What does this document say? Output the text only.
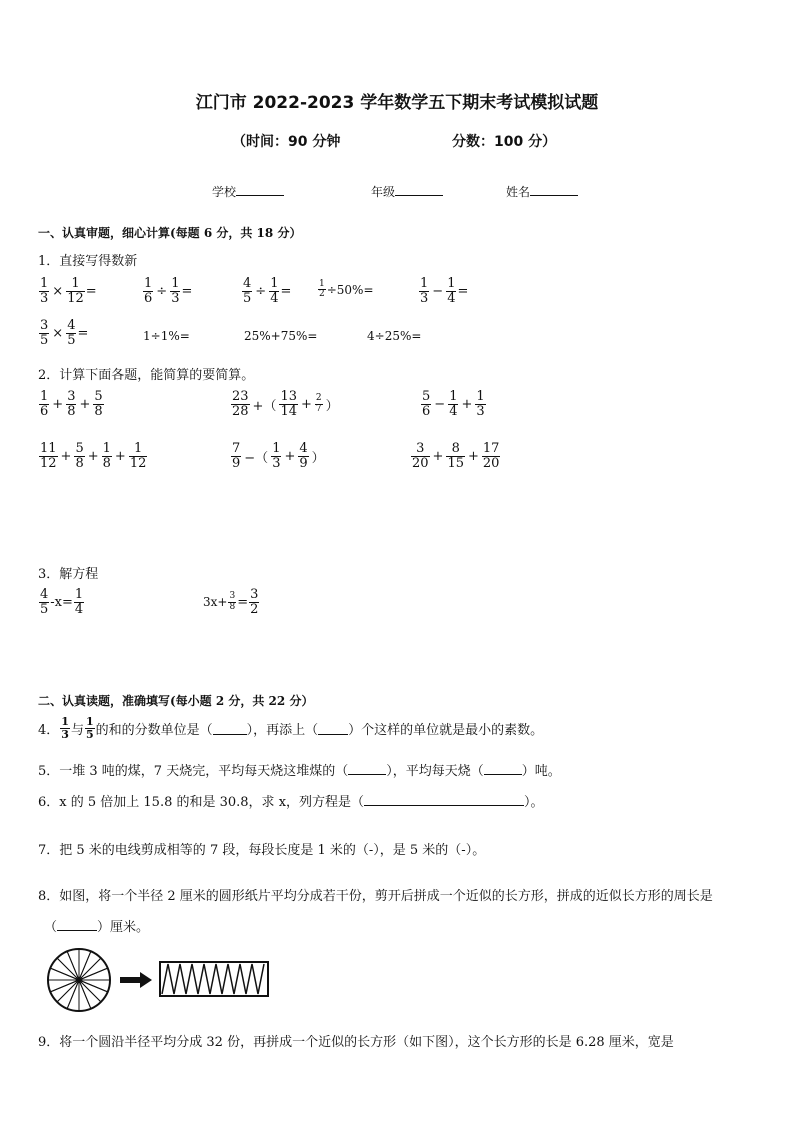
江门市 2022-2023 学年数学五下期末考试模拟试题
（时间：90 分钟	分数：100 分）
学校	年级	姓名
一、认真审题，细心计算(每题 6 分，共 18 分）
1．直接写得数新
$\frac{1}{3} \times \frac{1}{12}$ =	$\frac{1}{6} \div \frac{1}{3}$ =	$\frac{4}{5} \div \frac{1}{4}$ =	$\frac{1}{2} \div 50\%=$	$\frac{1}{3} - \frac{1}{4}$ =
$\frac{3}{5} \times \frac{4}{5}$ =	1÷1%=	25%+75%=	4÷25%=
2．计算下面各题，能简算的要简算。
$\frac{1}{6} + \frac{3}{8} + \frac{5}{8}$	$\frac{23}{28}$ +（ $\frac{13}{14} + \frac{2}{7}$ ）	$\frac{5}{6} - \frac{1}{4} + \frac{1}{3}$
$\frac{11}{12} + \frac{5}{8} + \frac{1}{8} + \frac{1}{12}$	$\frac{7}{9}$ −（ $\frac{1}{3} + \frac{4}{9}$ ）	$\frac{3}{20} + \frac{8}{15} + \frac{17}{20}$
3．解方程
$\frac{4}{5} -x= \frac{1}{4}$	$3x+ \frac{3}{8} = \frac{3}{2}$
二、认真读题，准确填写(每小题 2 分，共 22 分）
4． $\frac{1}{3}$ 与 $\frac{1}{5}$ 的和的分数单位是（	），再添上（ ）个这样的单位就是最小的素数。
5．一堆 3 吨的煤，7 天烧完，平均每天烧这堆煤的（	），平均每天烧（	）吨。
6．x 的 5 倍加上 15.8 的和是 30.8，求 x，列方程是（	）。
7．把 5 米的电线剪成相等的 7 段，每段长度是 1 米的（-），是 5 米的（-）。
8．如图，将一个半径 2 厘米的圆形纸片平均分成若干份，剪开后拼成一个近似的长方形，拼成的近似长方形的周长是
（	）厘米。
9．将一个圆沿半径平均分成 32 份，再拼成一个近似的长方形（如下图），这个长方形的长是 6.28 厘米，宽是
